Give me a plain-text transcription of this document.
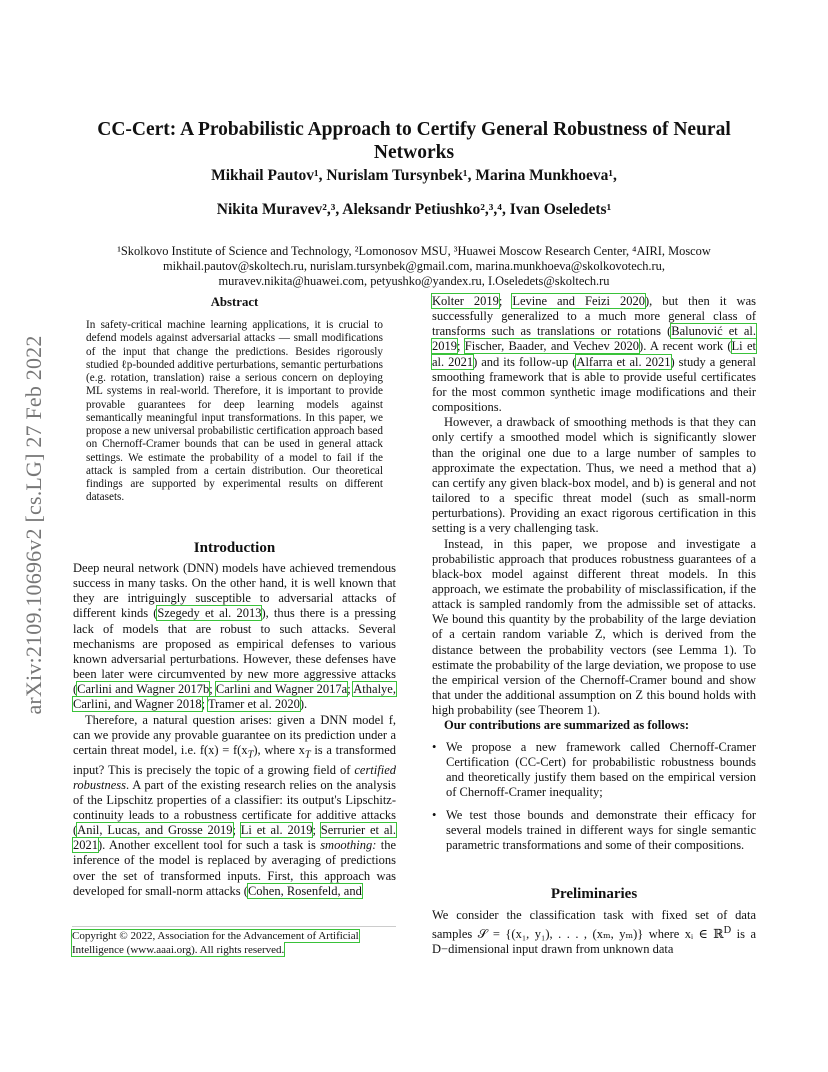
CC-Cert: A Probabilistic Approach to Certify General Robustness of Neural Networks
Mikhail Pautov¹, Nurislam Tursynbek¹, Marina Munkhoeva¹,
Nikita Muravev²,³, Aleksandr Petiushko²,³,⁴, Ivan Oseledets¹
¹Skolkovo Institute of Science and Technology, ²Lomonosov MSU, ³Huawei Moscow Research Center, ⁴AIRI, Moscow
mikhail.pautov@skoltech.ru, nurislam.tursynbek@gmail.com, marina.munkhoeva@skolkovotech.ru,
muravev.nikita@huawei.com, petyushko@yandex.ru, I.Oseledets@skoltech.ru
arXiv:2109.10696v2 [cs.LG] 27 Feb 2022
Abstract
In safety-critical machine learning applications, it is crucial to defend models against adversarial attacks — small modifications of the input that change the predictions. Besides rigorously studied ℓp-bounded additive perturbations, semantic perturbations (e.g. rotation, translation) raise a serious concern on deploying ML systems in real-world. Therefore, it is important to provide provable guarantees for deep learning models against semantically meaningful input transformations. In this paper, we propose a new universal probabilistic certification approach based on Chernoff-Cramer bounds that can be used in general attack settings. We estimate the probability of a model to fail if the attack is sampled from a certain distribution. Our theoretical findings are supported by experimental results on different datasets.
Introduction

Deep neural network (DNN) models have achieved tremendous success in many tasks. On the other hand, it is well known that they are intriguingly susceptible to adversarial attacks of different kinds (Szegedy et al. 2013), thus there is a pressing lack of models that are robust to such attacks. Several mechanisms are proposed as empirical defenses to various known adversarial perturbations. However, these defenses have been later were circumvented by new more aggressive attacks (Carlini and Wagner 2017b; Carlini and Wagner 2017a; Athalye, Carlini, and Wagner 2018; Tramer et al. 2020).

Therefore, a natural question arises: given a DNN model f, can we provide any provable guarantee on its prediction under a certain threat model, i.e. $f(x) = f(x_T)$, where $x_T$ is a transformed input? This is precisely the topic of a growing field of certified robustness. A part of the existing research relies on the analysis of the Lipschitz properties of a classifier: its output's Lipschitz-continuity leads to a robustness certificate for additive attacks (Anil, Lucas, and Grosse 2019; Li et al. 2019; Serrurier et al. 2021). Another excellent tool for such a task is smoothing: the inference of the model is replaced by averaging of predictions over the set of transformed inputs. First, this approach was developed for small-norm attacks (Cohen, Rosenfeld, and

Copyright © 2022, Association for the Advancement of Artificial Intelligence (www.aaai.org). All rights reserved.

Kolter 2019; Levine and Feizi 2020), but then it was successfully generalized to a much more general class of transforms such as translations or rotations (Balunović et al. 2019; Fischer, Baader, and Vechev 2020). A recent work (Li et al. 2021) and its follow-up (Alfarra et al. 2021) study a general smoothing framework that is able to provide useful certificates for the most common synthetic image modifications and their compositions.

However, a drawback of smoothing methods is that they can only certify a smoothed model which is significantly slower than the original one due to a large number of samples to approximate the expectation. Thus, we need a method that a) can certify any given black-box model, and b) is general and not tailored to a specific threat model (such as small-norm perturbations). Providing an exact rigorous certification in this setting is a very challenging task.

Instead, in this paper, we propose and investigate a probabilistic approach that produces robustness guarantees of a black-box model against different threat models. In this approach, we estimate the probability of misclassification, if the attack is sampled randomly from the admissible set of attacks. We bound this quantity by the probability of the large deviation of a certain random variable Z, which is derived from the distance between the probability vectors (see Lemma 1). To estimate the probability of the large deviation, we propose to use the empirical version of the Chernoff-Cramer bound and show that under the additional assumption on Z this bound holds with high probability (see Theorem 1).

Our contributions are summarized as follows:

• We propose a new framework called Chernoff-Cramer Certification (CC-Cert) for probabilistic robustness bounds and theoretically justify them based on the empirical version of Chernoff-Cramer inequality;
• We test those bounds and demonstrate their efficacy for several models trained in different ways for single semantic parametric transformations and some of their compositions.
Preliminaries

We consider the classification task with fixed set of data samples 𝒮 = {(x₁, y₁), . . . , (xₘ, yₘ)} where xᵢ ∈ ℝ$^D$ is a D−dimensional input drawn from unknown data
